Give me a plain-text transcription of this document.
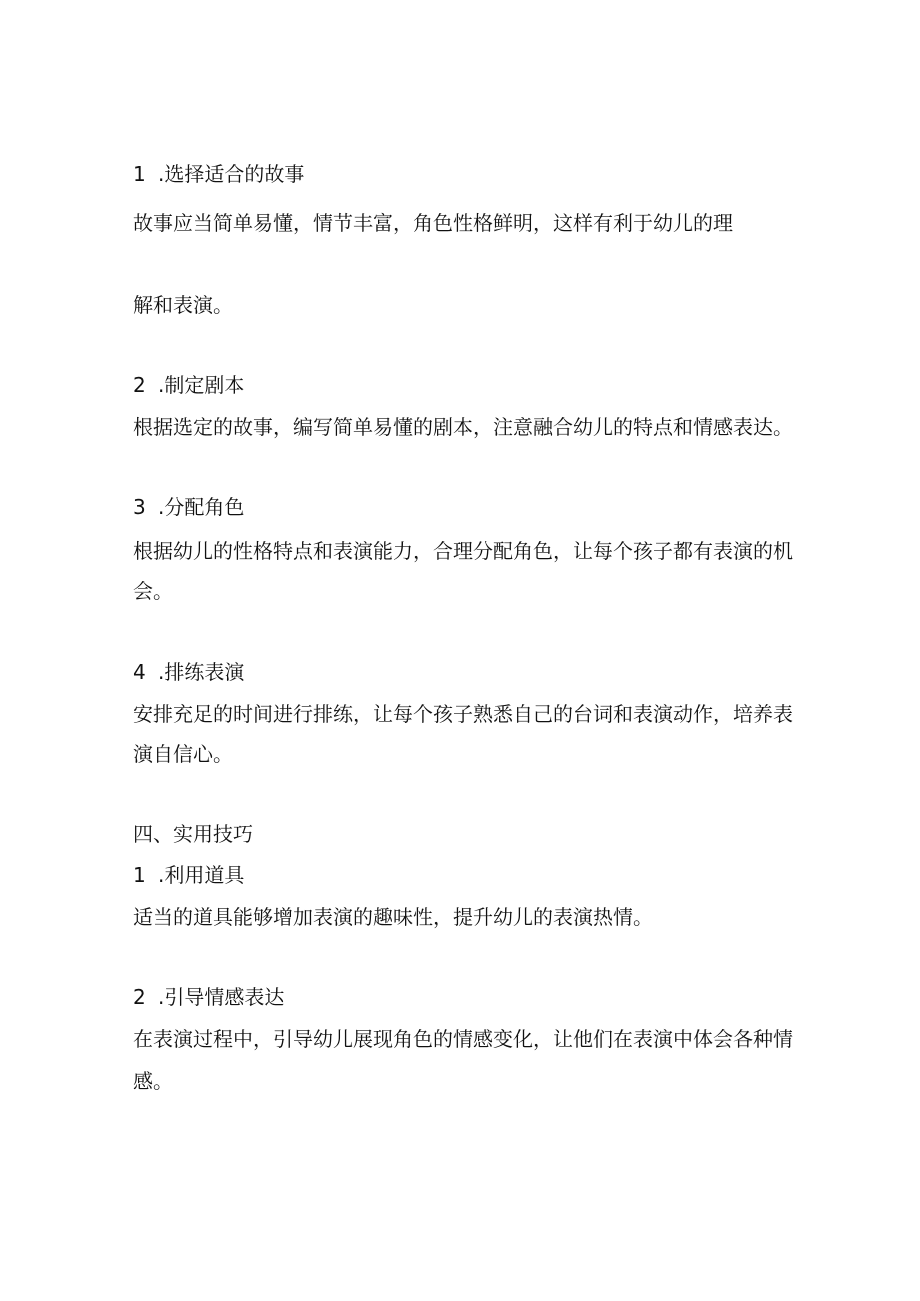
1 .选择适合的故事
故事应当简单易懂，情节丰富，角色性格鲜明，这样有利于幼儿的理
解和表演。
2 .制定剧本
根据选定的故事，编写简单易懂的剧本，注意融合幼儿的特点和情感表达。
3 .分配角色
根据幼儿的性格特点和表演能力，合理分配角色，让每个孩子都有表演的机
会。
4 .排练表演
安排充足的时间进行排练，让每个孩子熟悉自己的台词和表演动作，培养表
演自信心。
四、实用技巧
1 .利用道具
适当的道具能够增加表演的趣味性，提升幼儿的表演热情。
2 .引导情感表达
在表演过程中，引导幼儿展现角色的情感变化，让他们在表演中体会各种情
感。
